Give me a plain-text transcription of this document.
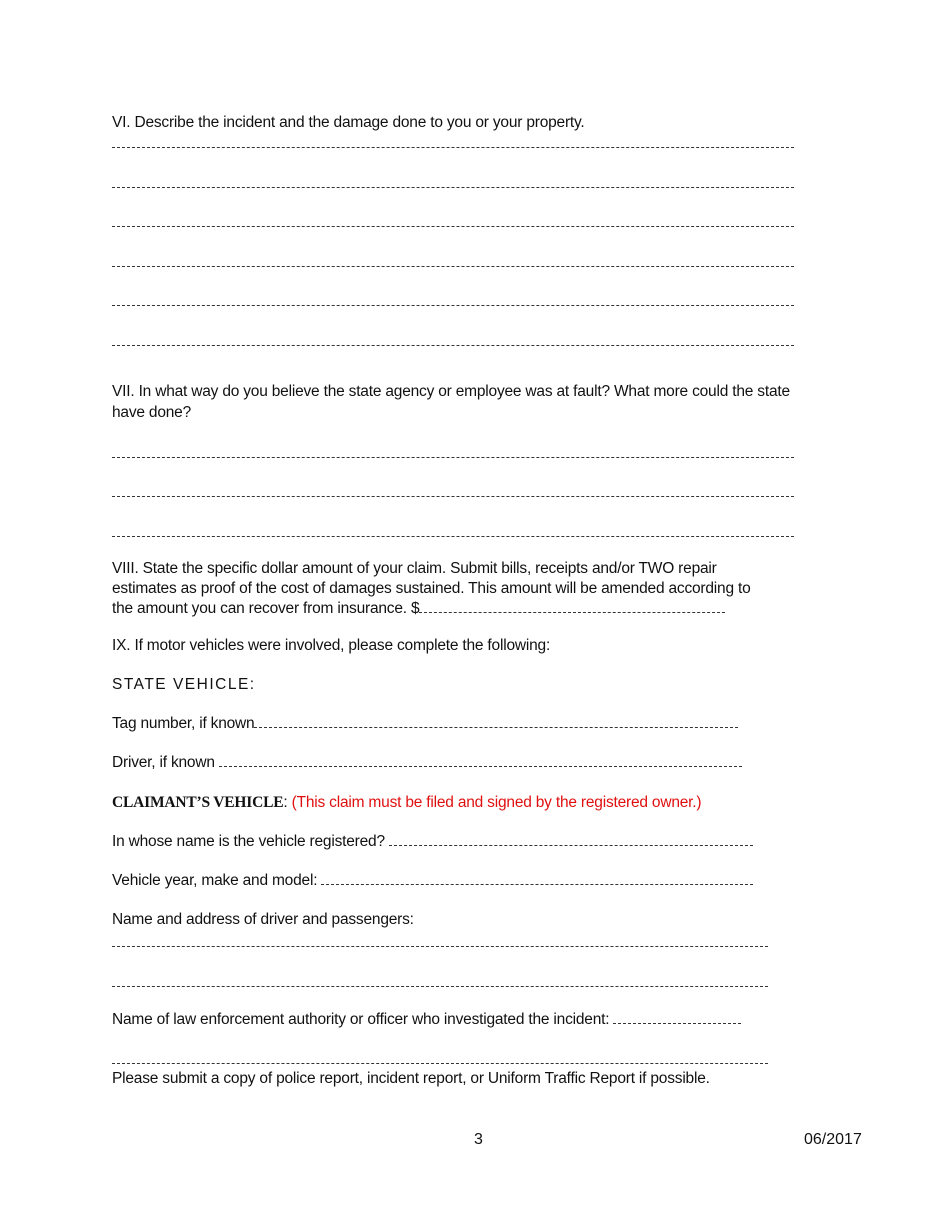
VI. Describe the incident and the damage done to you or your property.
VII. In what way do you believe the state agency or employee was at fault? What more could the state
have done?
VIII. State the specific dollar amount of your claim. Submit bills, receipts and/or TWO repair
estimates as proof of the cost of damages sustained. This amount will be amended according to
the amount you can recover from insurance. $
IX. If motor vehicles were involved, please complete the following:
STATE VEHICLE:
Tag number, if known
Driver, if known
CLAIMANT’S VEHICLE: (This claim must be filed and signed by the registered owner.)
In whose name is the vehicle registered?
Vehicle year, make and model:
Name and address of driver and passengers:
Name of law enforcement authority or officer who investigated the incident:
Please submit a copy of police report, incident report, or Uniform Traffic Report if possible.
3	06/2017
